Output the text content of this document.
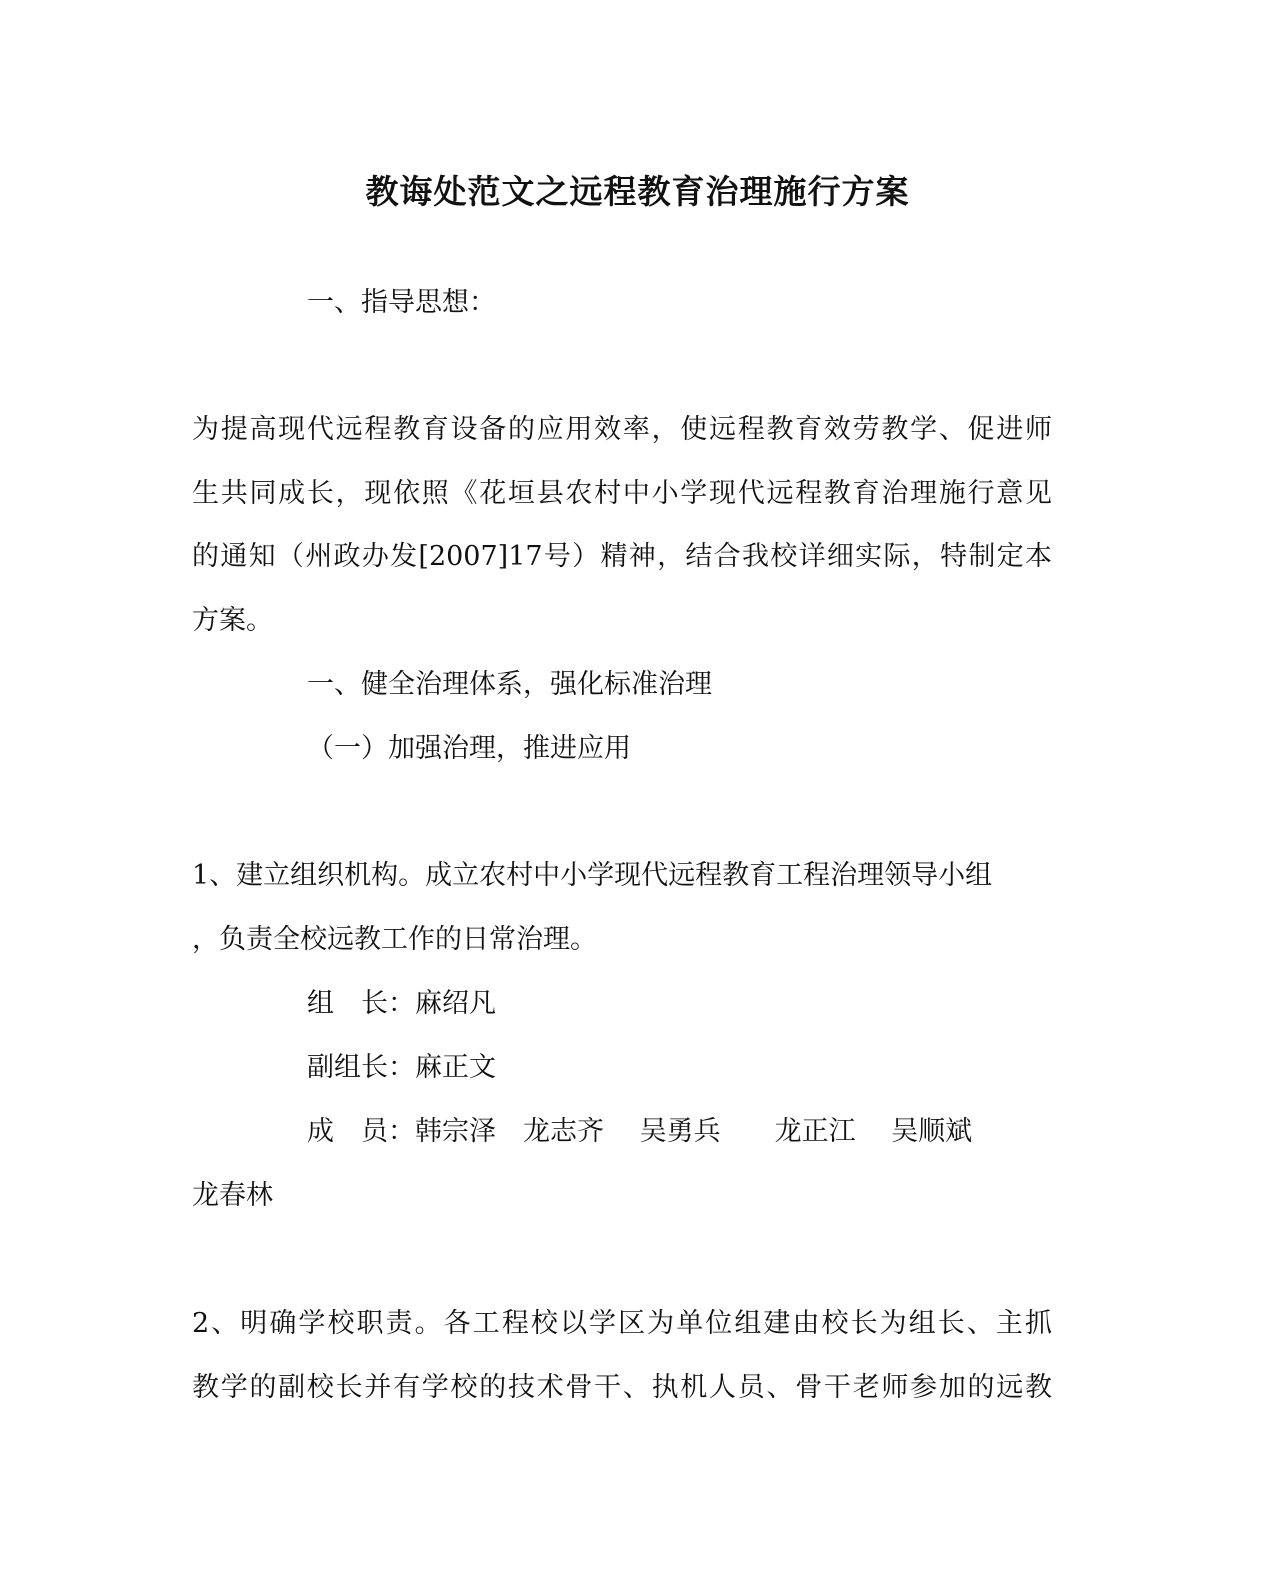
教诲处范文之远程教育治理施行方案
一、指导思想：
为提高现代远程教育设备的应用效率，使远程教育效劳教学、促进师
生共同成长，现依照《花垣县农村中小学现代远程教育治理施行意见
的通知（州政办发[2007]17号）精神，结合我校详细实际，特制定本
方案。
一、健全治理体系，强化标准治理
（一）加强治理，推进应用
1、建立组织机构。成立农村中小学现代远程教育工程治理领导小组
，负责全校远教工作的日常治理。
组　长：麻绍凡
副组长：麻正文
成　员：韩宗泽　龙志齐　 吴勇兵　　龙正江　 吴顺斌
龙春林
2、明确学校职责。各工程校以学区为单位组建由校长为组长、主抓
教学的副校长并有学校的技术骨干、执机人员、骨干老师参加的远教
